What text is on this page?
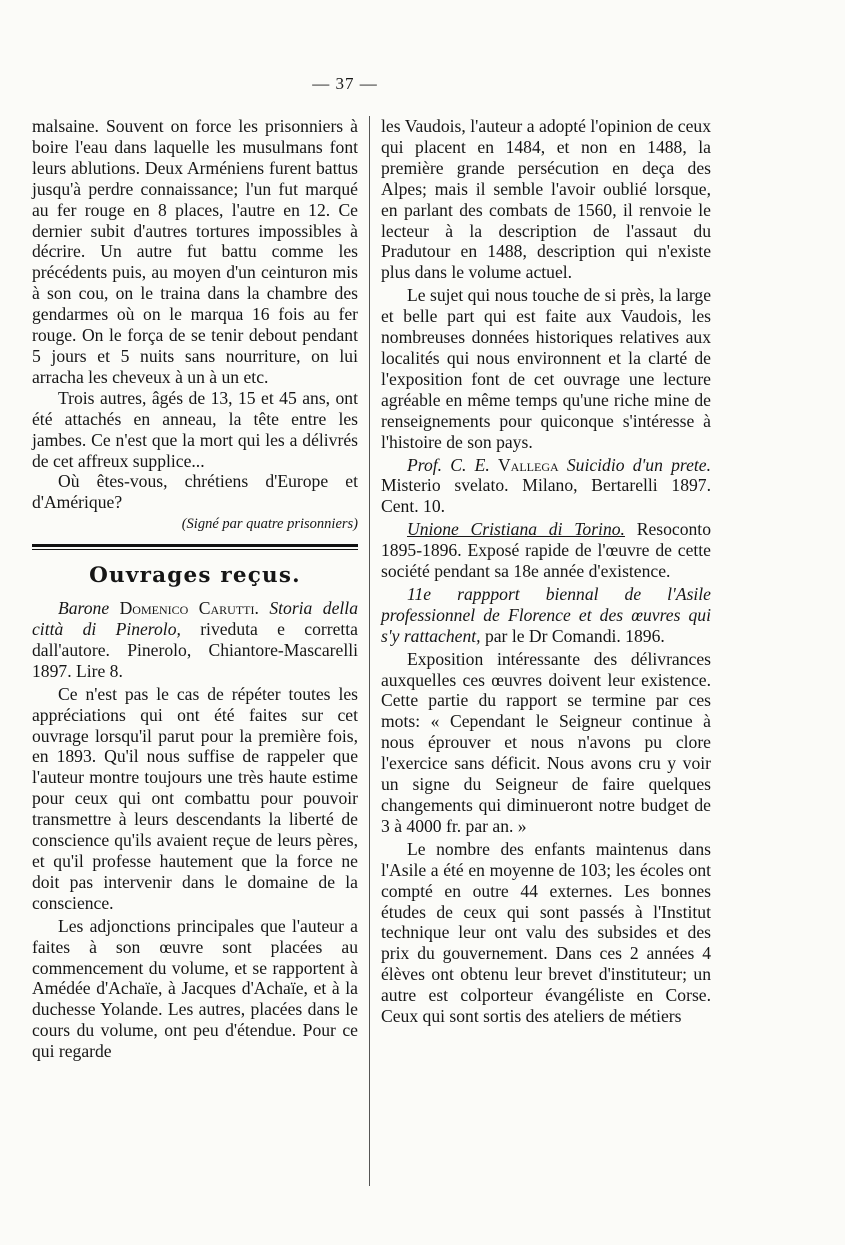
— 37 —

malsaine. Souvent on force les prisonniers à boire l'eau dans laquelle les musulmans font leurs ablutions. Deux Arméniens furent battus jusqu'à perdre connaissance; l'un fut marqué au fer rouge en 8 places, l'autre en 12. Ce dernier subit d'autres tortures impossibles à décrire. Un autre fut battu comme les précédents puis, au moyen d'un ceinturon mis à son cou, on le traina dans la chambre des gendarmes où on le marqua 16 fois au fer rouge. On le força de se tenir debout pendant 5 jours et 5 nuits sans nourriture, on lui arracha les cheveux à un à un etc.

Trois autres, âgés de 13, 15 et 45 ans, ont été attachés en anneau, la tête entre les jambes. Ce n'est que la mort qui les a délivrés de cet affreux supplice...

Où êtes-vous, chrétiens d'Europe et d'Amérique?

(Signé par quatre prisonniers)

Ouvrages reçus.

Barone Domenico Carutti. Storia della città di Pinerolo, riveduta e corretta dall'autore. Pinerolo, Chiantore-Mascarelli 1897. Lire 8.

Ce n'est pas le cas de répéter toutes les appréciations qui ont été faites sur cet ouvrage lorsqu'il parut pour la première fois, en 1893. Qu'il nous suffise de rappeler que l'auteur montre toujours une très haute estime pour ceux qui ont combattu pour pouvoir transmettre à leurs descendants la liberté de conscience qu'ils avaient reçue de leurs pères, et qu'il professe hautement que la force ne doit pas intervenir dans le domaine de la conscience.

Les adjonctions principales que l'auteur a faites à son œuvre sont placées au commencement du volume, et se rapportent à Amédée d'Achaïe, à Jacques d'Achaïe, et à la duchesse Yolande. Les autres, placées dans le cours du volume, ont peu d'étendue. Pour ce qui regarde

les Vaudois, l'auteur a adopté l'opinion de ceux qui placent en 1484, et non en 1488, la première grande persécution en deça des Alpes; mais il semble l'avoir oublié lorsque, en parlant des combats de 1560, il renvoie le lecteur à la description de l'assaut du Pradutour en 1488, description qui n'existe plus dans le volume actuel.

Le sujet qui nous touche de si près, la large et belle part qui est faite aux Vaudois, les nombreuses données historiques relatives aux localités qui nous environnent et la clarté de l'exposition font de cet ouvrage une lecture agréable en même temps qu'une riche mine de renseignements pour quiconque s'intéresse à l'histoire de son pays.

Prof. C. E. Vallega Suicidio d'un prete. Misterio svelato. Milano, Bertarelli 1897. Cent. 10.

Unione Cristiana di Torino. Resoconto 1895-1896. Exposé rapide de l'œuvre de cette société pendant sa 18e année d'existence.

11e rappport biennal de l'Asile professionnel de Florence et des œuvres qui s'y rattachent, par le Dr Comandi. 1896.

Exposition intéressante des délivrances auxquelles ces œuvres doivent leur existence. Cette partie du rapport se termine par ces mots: « Cependant le Seigneur continue à nous éprouver et nous n'avons pu clore l'exercice sans déficit. Nous avons cru y voir un signe du Seigneur de faire quelques changements qui diminueront notre budget de 3 à 4000 fr. par an. »

Le nombre des enfants maintenus dans l'Asile a été en moyenne de 103; les écoles ont compté en outre 44 externes. Les bonnes études de ceux qui sont passés à l'Institut technique leur ont valu des subsides et des prix du gouvernement. Dans ces 2 années 4 élèves ont obtenu leur brevet d'instituteur; un autre est colporteur évangéliste en Corse. Ceux qui sont sortis des ateliers de métiers
